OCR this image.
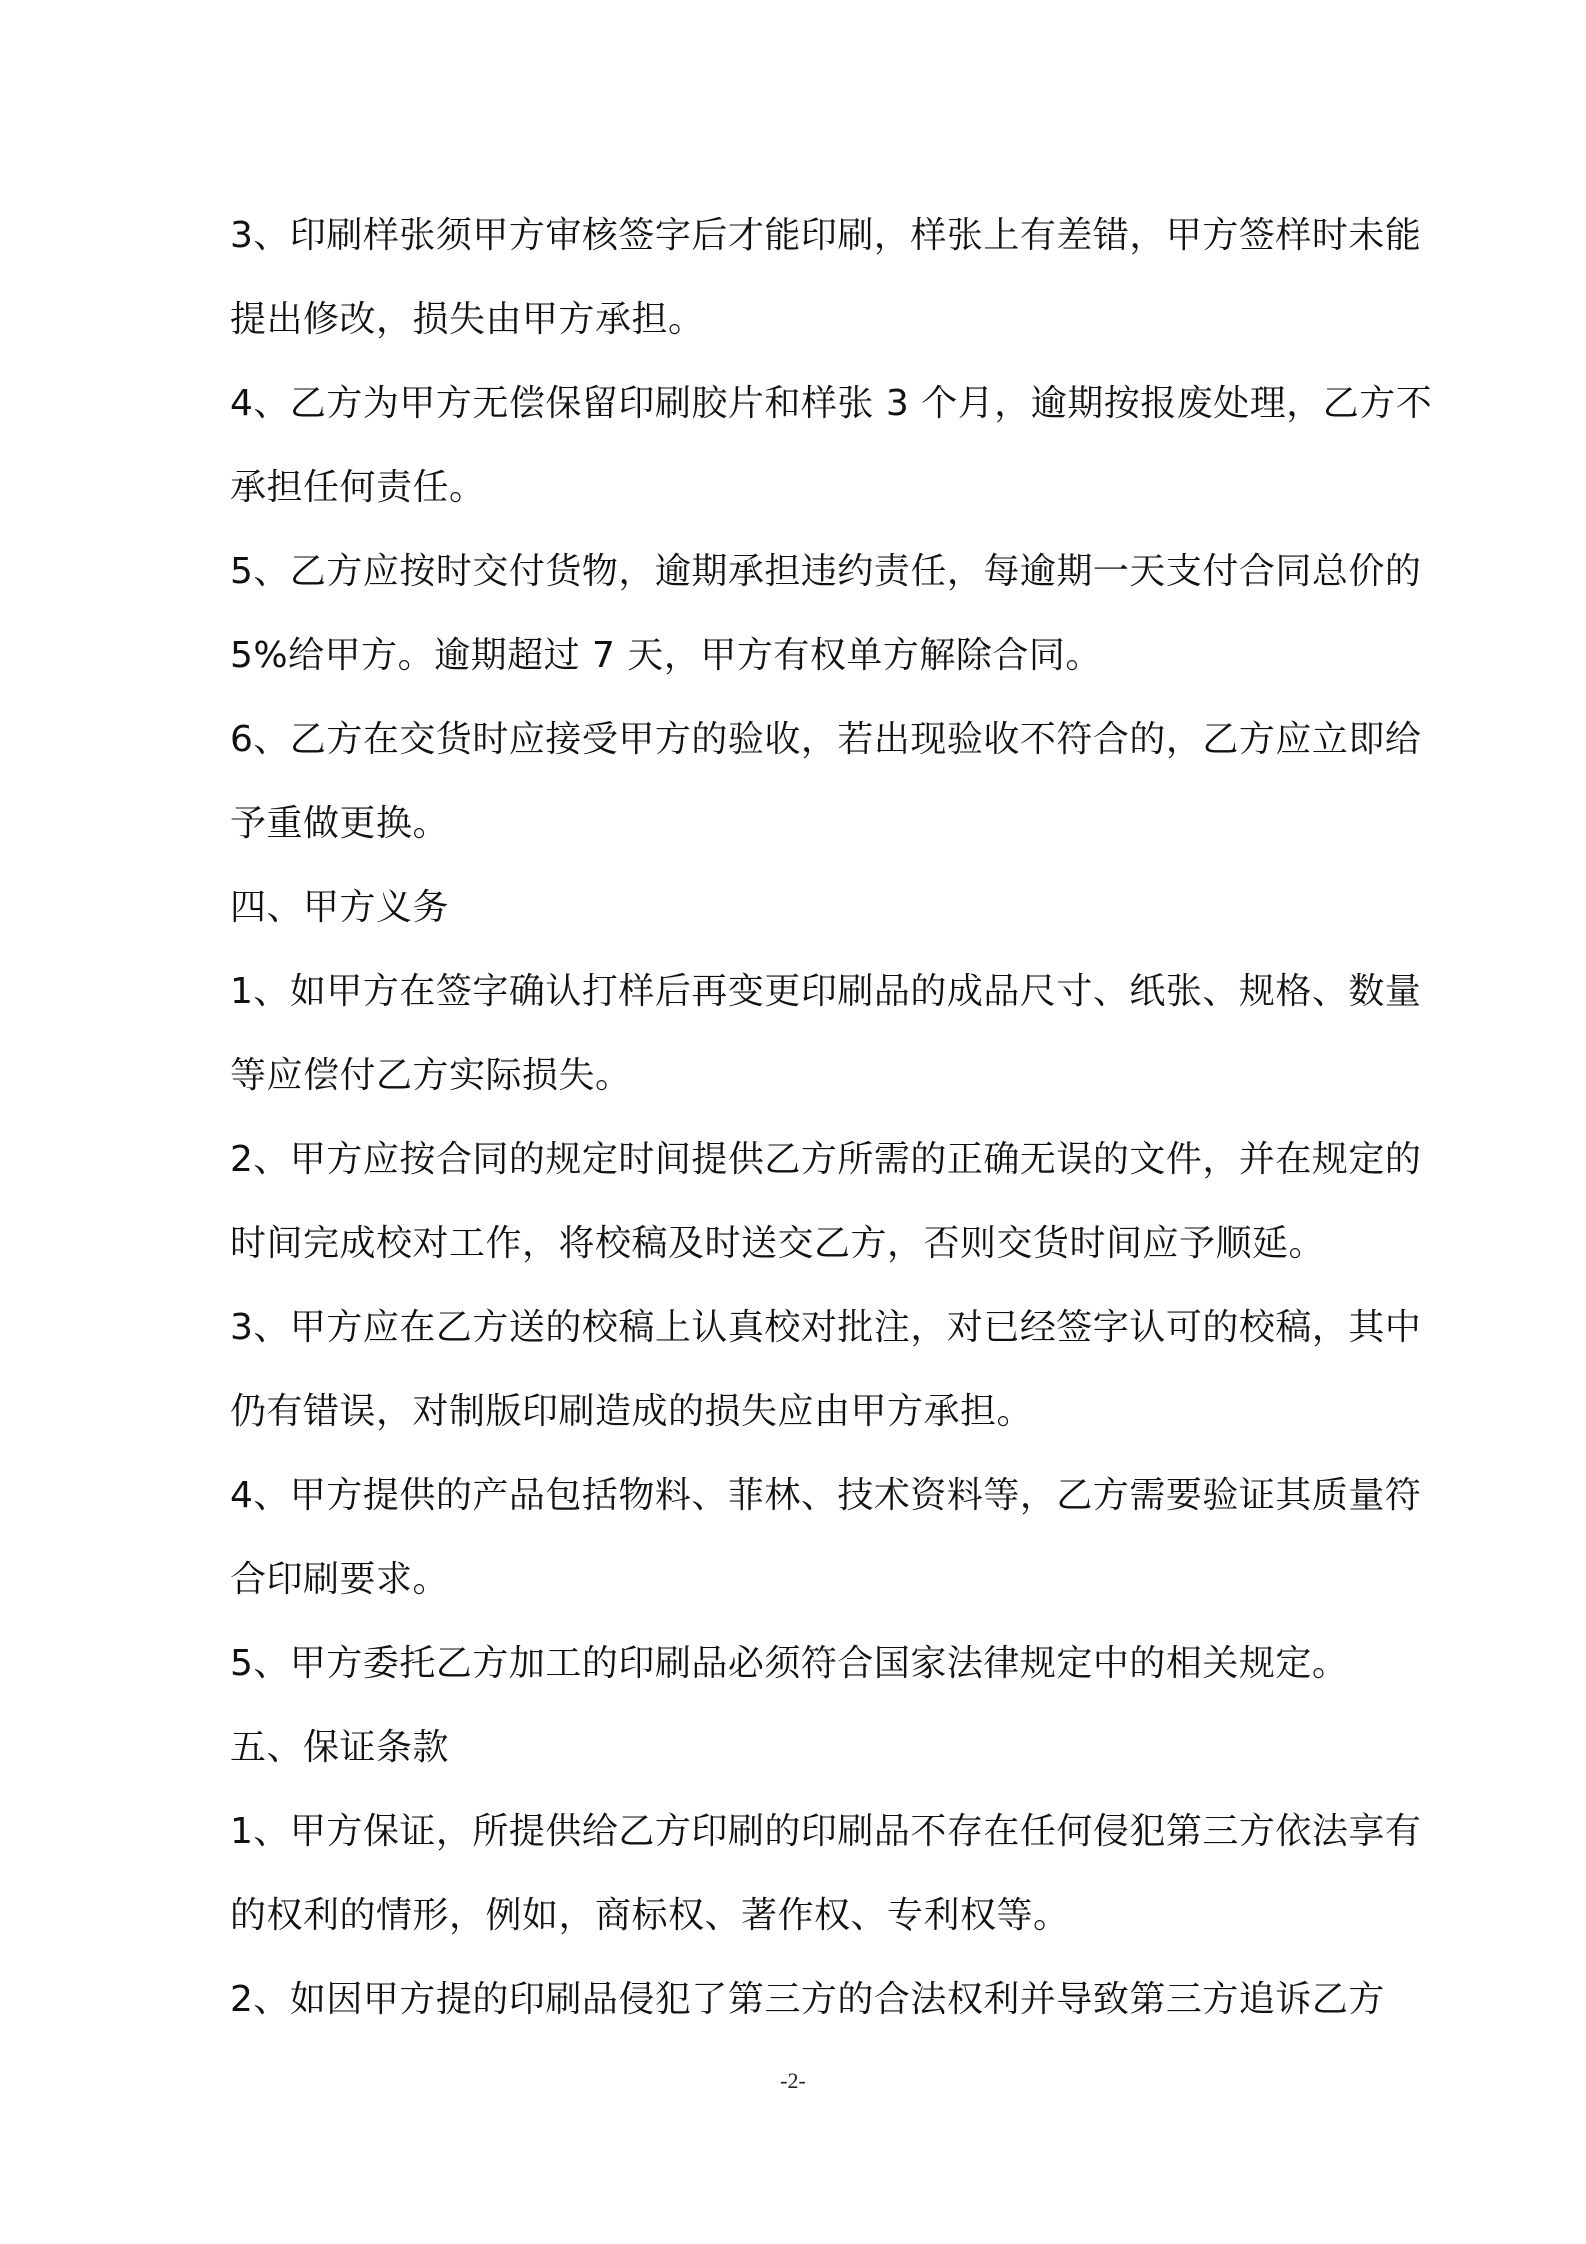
3、印刷样张须甲方审核签字后才能印刷，样张上有差错，甲方签样时未能
提出修改，损失由甲方承担。
4、乙方为甲方无偿保留印刷胶片和样张 3 个月，逾期按报废处理，乙方不
承担任何责任。
5、乙方应按时交付货物，逾期承担违约责任，每逾期一天支付合同总价的
5%给甲方。逾期超过 7 天，甲方有权单方解除合同。
6、乙方在交货时应接受甲方的验收，若出现验收不符合的，乙方应立即给
予重做更换。
四、甲方义务
1、如甲方在签字确认打样后再变更印刷品的成品尺寸、纸张、规格、数量
等应偿付乙方实际损失。
2、甲方应按合同的规定时间提供乙方所需的正确无误的文件，并在规定的
时间完成校对工作，将校稿及时送交乙方，否则交货时间应予顺延。
3、甲方应在乙方送的校稿上认真校对批注，对已经签字认可的校稿，其中
仍有错误，对制版印刷造成的损失应由甲方承担。
4、甲方提供的产品包括物料、菲林、技术资料等，乙方需要验证其质量符
合印刷要求。
5、甲方委托乙方加工的印刷品必须符合国家法律规定中的相关规定。
五、保证条款
1、甲方保证，所提供给乙方印刷的印刷品不存在任何侵犯第三方依法享有
的权利的情形，例如，商标权、著作权、专利权等。
2、如因甲方提的印刷品侵犯了第三方的合法权利并导致第三方追诉乙方
-2-
